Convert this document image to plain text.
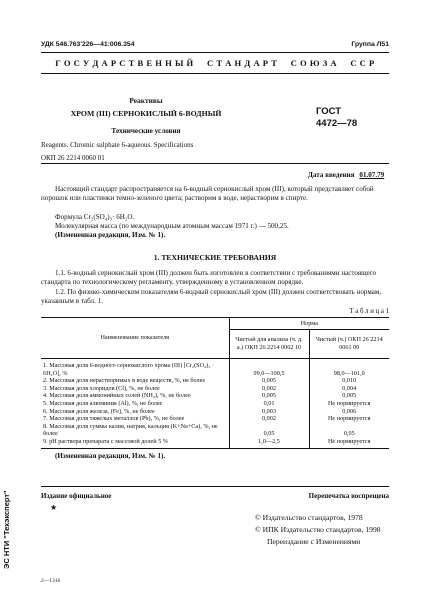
УДК 546.763'226—41:006.354	Группа Л51
Г О С У Д А Р С Т В Е Н Н Ы Й     С Т А Н Д А Р Т     С О Ю З А     С С Р
Реактивы
ХРОМ (III) СЕРНОКИСЛЫЙ 6-ВОДНЫЙ
Технические условия
Reagents. Chromic sulphate 6-aqueous. Specifications
ГОСТ
4472—78
ОКП 26 2214 0060 01
Дата введения 01.07.79

Настоящий стандарт распространяется на 6-водный сернокислый хром (III), который представляет собой порошок или пластинки темно-зеленого цвета; растворим в воде, нерастворим в спирте.

Формула Cr₂(SO₄)₃· 6H₂O.

Молекулярная масса (по международным атомным массам 1971 г.) — 500,25.

(Измененная редакция, Изм. № 1).

1. ТЕХНИЧЕСКИЕ ТРЕБОВАНИЯ

1.1. 6-водный сернокислый хром (III) должен быть изготовлен в соответствии с требованиями настоящего стандарта по технологическому регламенту, утвержденному в установленном порядке.

1.2. По физико-химическим показателям 6-водный сернокислый хром (III) должен соответствовать нормам, указанным в табл. 1.

Т а б л и ц а 1
Наименование показателя	Норма	
	Чистый для анализа (ч. д. а.) ОКП 26 2214 0062 10	Чистый (ч.) ОКП 26 2214 0061 00
1. Массовая доля 6-водного сернокислого хрома (III) [Cr₂(SO₄)₃ · 6H₂O], %	99,0—100,5	98,0—101,0
2. Массовая доля нерастворимых в воде веществ, %, не более	0,005	0,010
3. Массовая доля хлоридов (Cl), %, не более	0,002	0,004
4. Массовая доля аммонийных солей (NH₄), %, не более	0,005	0,005
5. Массовая доля алюминия (Al), %, не более	0,01	Не нормируется
6. Массовая доля железа, (Fe), %, не более	0,003	0,006
7. Массовая доля тяжелых металлов (Pb), %, не более	0,002	Не нормируется
8. Массовая доля суммы калия, натрия, кальция (K+Na+Ca), %, не более	0,05	0,05
9. pH раствора препарата с массовой долей 5 %	1,0—2,5	Не нормируется

(Измененная редакция, Изм. № 1).

Издание официальное	Перепечатка воспрещена
★
© Издательство стандартов, 1978
© ИПК Издательство стандартов, 1998
Переиздание с Изменениями
2—1316
ЭС НТИ "Техэксперт"
